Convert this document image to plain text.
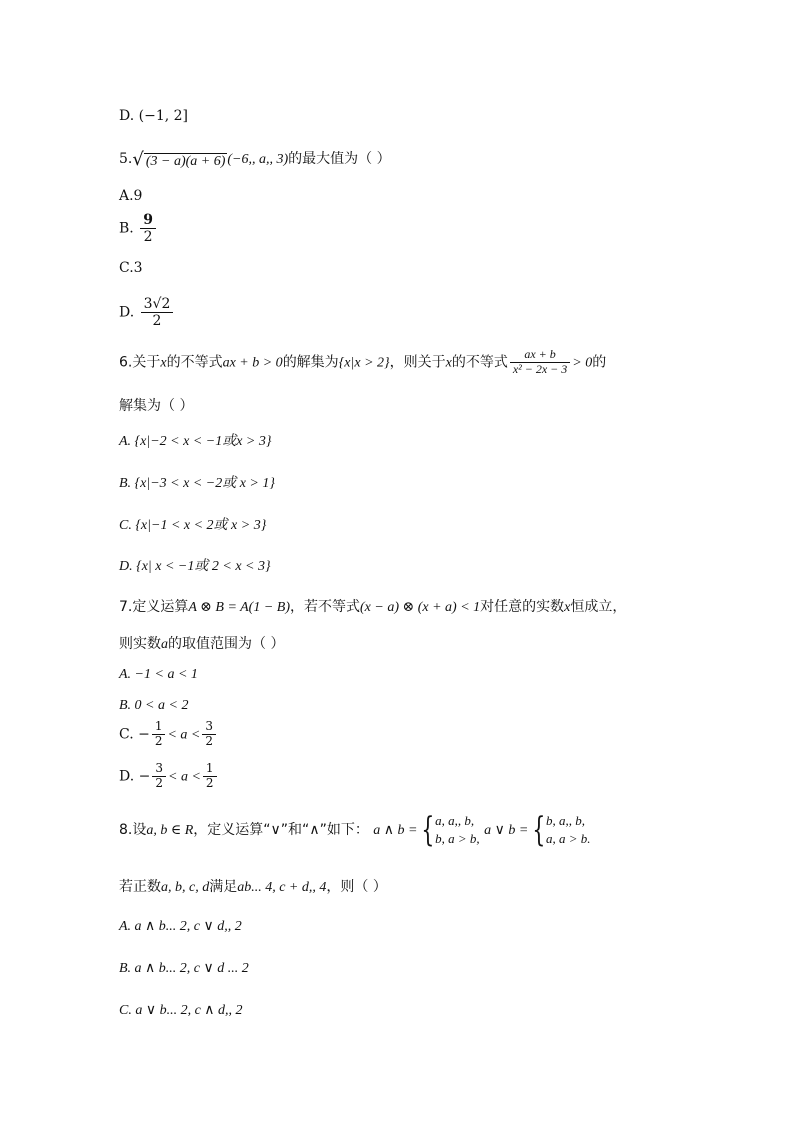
D. (−1, 2]
5.√ (3 − a)(a + 6) (−6,, a,, 3)的最大值为（ ）
A.9
B. $\frac{9}{2}$
C.3
D. $\frac{3√2}{2}$
6.关于x的不等式ax + b > 0的解集为{x|x > 2}，则关于x的不等式 $\frac{ax + b}{\text{x² − 2x − 3}} > 0$的
解集为（ ）
A. {x|−2 < x < −1或x > 3}
B. {x|−3 < x < −2或 x > 1}
C. {x|−1 < x < 2或 x > 3}
D. {x| x < −1或 2 < x < 3}
7.定义运算A ⊗ B = A(1 − B)，若不等式(x − a) ⊗ (x + a) < 1对任意的实数x恒成立，
则实数a的取值范围为（ ）
A. −1 < a < 1
B. 0 < a < 2
C. − $\frac{1}{2} < a < \frac{3}{2}$
D. − $\frac{3}{2} < a < \frac{1}{2}$
8.设a, b ∈ R，定义运算“∨”和“∧”如下： a ∧ b = { a, a,, b,
b, a > b,
a ∨ b = { b, a,, b,
a, a > b.
若正数a, b, c, d满足ab... 4, c + d,, 4，则（ ）
A. a ∧ b... 2, c ∨ d,, 2
B. a ∧ b... 2, c ∨ d ... 2
C. a ∨ b... 2, c ∧ d,, 2
